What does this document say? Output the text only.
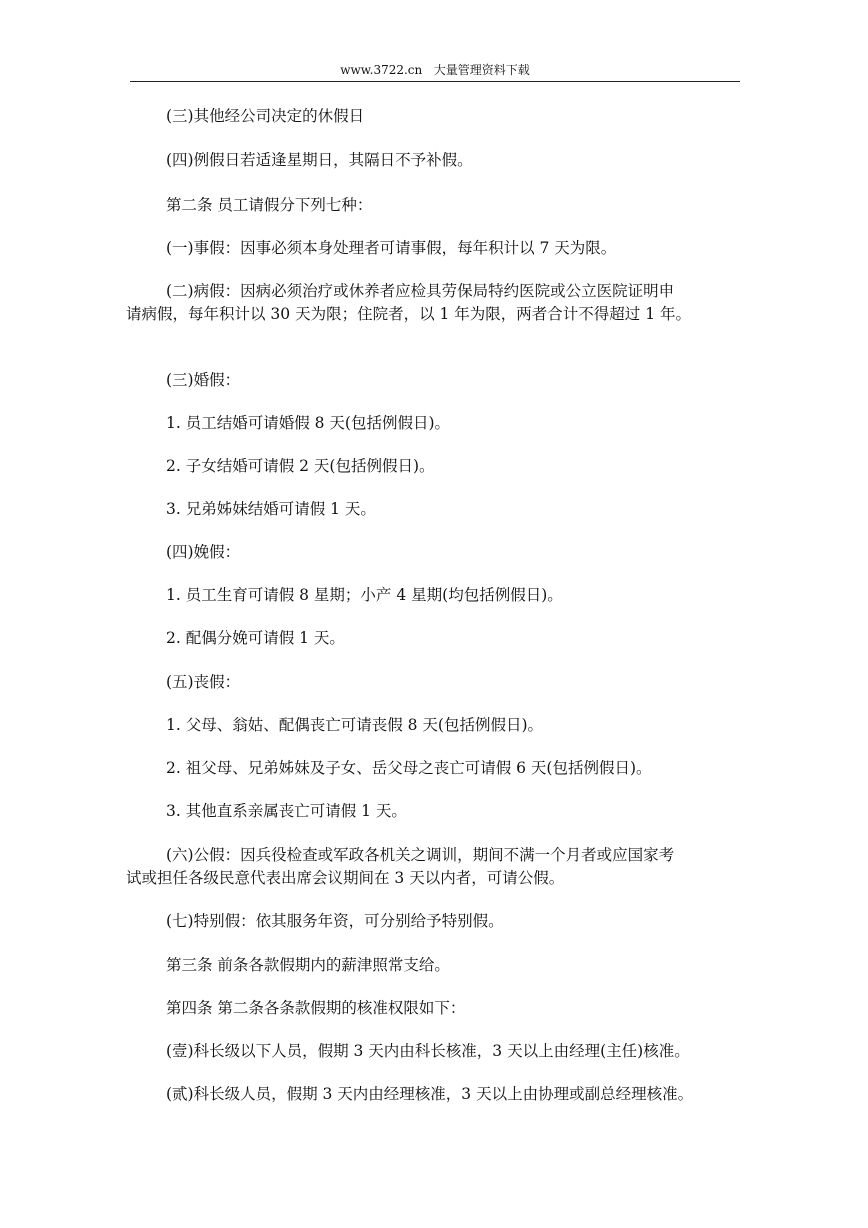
www.3722.cn 大量管理资料下载
(三)其他经公司决定的休假日
(四)例假日若适逢星期日，其隔日不予补假。
第二条 员工请假分下列七种：
(一)事假：因事必须本身处理者可请事假，每年积计以 7 天为限。
(二)病假：因病必须治疗或休养者应检具劳保局特约医院或公立医院证明申
请病假，每年积计以 30 天为限；住院者，以 1 年为限，两者合计不得超过 1 年。
(三)婚假：
1. 员工结婚可请婚假 8 天(包括例假日)。
2. 子女结婚可请假 2 天(包括例假日)。
3. 兄弟姊妹结婚可请假 1 天。
(四)娩假：
1. 员工生育可请假 8 星期；小产 4 星期(均包括例假日)。
2. 配偶分娩可请假 1 天。
(五)丧假：
1. 父母、翁姑、配偶丧亡可请丧假 8 天(包括例假日)。
2. 祖父母、兄弟姊妹及子女、岳父母之丧亡可请假 6 天(包括例假日)。
3. 其他直系亲属丧亡可请假 1 天。
(六)公假：因兵役检查或军政各机关之调训，期间不满一个月者或应国家考
试或担任各级民意代表出席会议期间在 3 天以内者，可请公假。
(七)特别假：依其服务年资，可分别给予特别假。
第三条 前条各款假期内的薪津照常支给。
第四条 第二条各条款假期的核准权限如下：
(壹)科长级以下人员，假期 3 天内由科长核准，3 天以上由经理(主任)核准。
(贰)科长级人员，假期 3 天内由经理核准，3 天以上由协理或副总经理核准。
